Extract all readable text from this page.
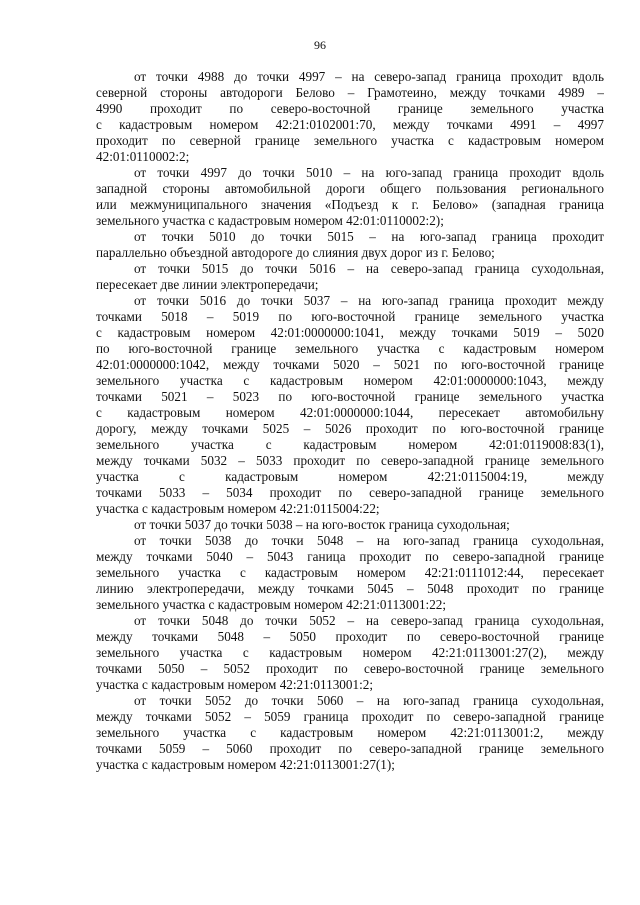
96

от точки 4988 до точки 4997 – на северо-запад граница проходит вдоль
северной стороны автодороги Белово – Грамотеино, между точками 4989 –
4990 проходит по северо-восточной границе земельного участка
с кадастровым номером 42:21:0102001:70, между точками 4991 – 4997
проходит по северной границе земельного участка с кадастровым номером
42:01:0110002:2;

от точки 4997 до точки 5010 – на юго-запад граница проходит вдоль
западной стороны автомобильной дороги общего пользования регионального
или межмуниципального значения «Подъезд к г. Белово» (западная граница
земельного участка с кадастровым номером 42:01:0110002:2);

от точки 5010 до точки 5015 – на юго-запад граница проходит
параллельно объездной автодороге до слияния двух дорог из г. Белово;

от точки 5015 до точки 5016 – на северо-запад граница суходольная,
пересекает две линии электропередачи;

от точки 5016 до точки 5037 – на юго-запад граница проходит между
точками 5018 – 5019 по юго-восточной границе земельного участка
с кадастровым номером 42:01:0000000:1041, между точками 5019 – 5020
по юго-восточной границе земельного участка с кадастровым номером
42:01:0000000:1042, между точками 5020 – 5021 по юго-восточной границе
земельного участка с кадастровым номером 42:01:0000000:1043, между
точками 5021 – 5023 по юго-восточной границе земельного участка
с кадастровым номером 42:01:0000000:1044, пересекает автомобильну
дорогу, между точками 5025 – 5026 проходит по юго-восточной границе
земельного участка с кадастровым номером 42:01:0119008:83(1),
между точками 5032 – 5033 проходит по северо-западной границе земельного
участка с кадастровым номером 42:21:0115004:19, между
точками 5033 – 5034 проходит по северо-западной границе земельного
участка с кадастровым номером 42:21:0115004:22;

от точки 5037 до точки 5038 – на юго-восток граница суходольная;

от точки 5038 до точки 5048 – на юго-запад граница суходольная,
между точками 5040 – 5043 ганица проходит по северо-западной границе
земельного участка с кадастровым номером 42:21:0111012:44, пересекает
линию электропередачи, между точками 5045 – 5048 проходит по границе
земельного участка с кадастровым номером 42:21:0113001:22;

от точки 5048 до точки 5052 – на северо-запад граница суходольная,
между точками 5048 – 5050 проходит по северо-восточной границе
земельного участка с кадастровым номером 42:21:0113001:27(2), между
точками 5050 – 5052 проходит по северо-восточной границе земельного
участка с кадастровым номером 42:21:0113001:2;

от точки 5052 до точки 5060 – на юго-запад граница суходольная,
между точками 5052 – 5059 граница проходит по северо-западной границе
земельного участка с кадастровым номером 42:21:0113001:2, между
точками 5059 – 5060 проходит по северо-западной границе земельного
участка с кадастровым номером 42:21:0113001:27(1);
